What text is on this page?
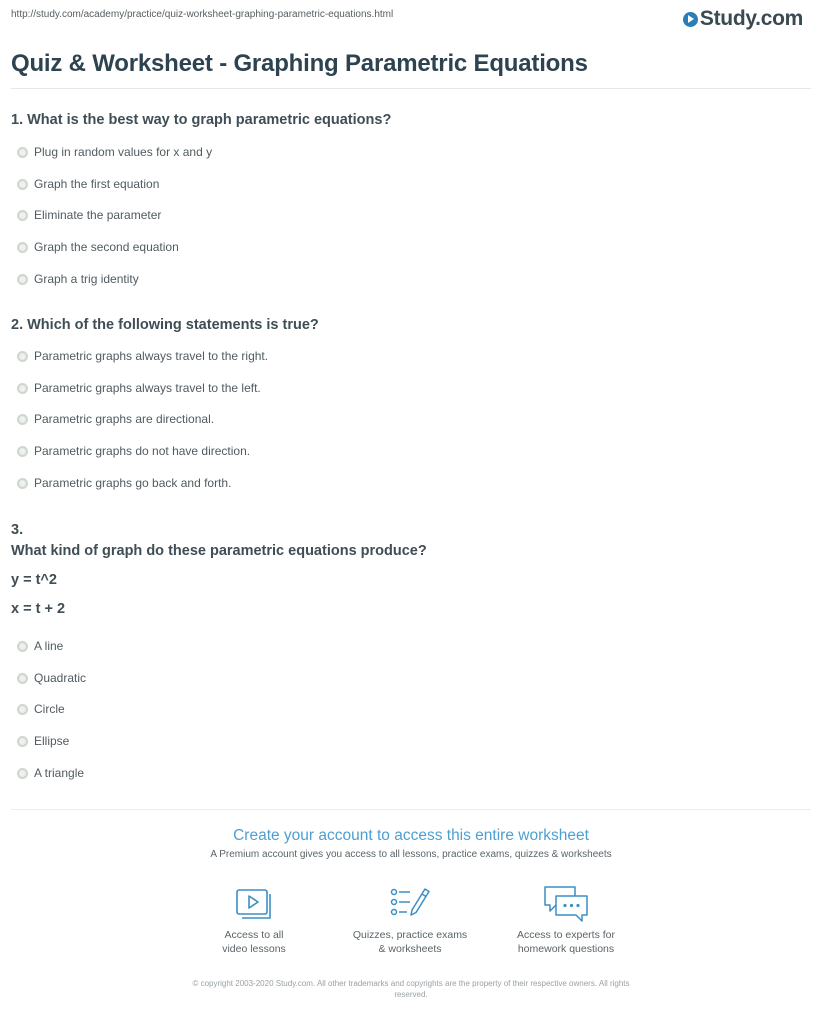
http://study.com/academy/practice/quiz-worksheet-graphing-parametric-equations.html	Study.com
Quiz & Worksheet - Graphing Parametric Equations

1. What is the best way to graph parametric equations?

Plug in random values for x and y
Graph the first equation
Eliminate the parameter
Graph the second equation
Graph a trig identity

2. Which of the following statements is true?

Parametric graphs always travel to the right.
Parametric graphs always travel to the left.
Parametric graphs are directional.
Parametric graphs do not have direction.
Parametric graphs go back and forth.

3.

What kind of graph do these parametric equations produce?

y = t^2

x = t + 2

A line
Quadratic
Circle
Ellipse
A triangle
Create your account to access this entire worksheet
A Premium account gives you access to all lessons, practice exams, quizzes & worksheets
Access to all
video lessons
Quizzes, practice exams
& worksheets
Access to experts for
homework questions
© copyright 2003-2020 Study.com. All other trademarks and copyrights are the property of their respective owners. All rights
reserved.
